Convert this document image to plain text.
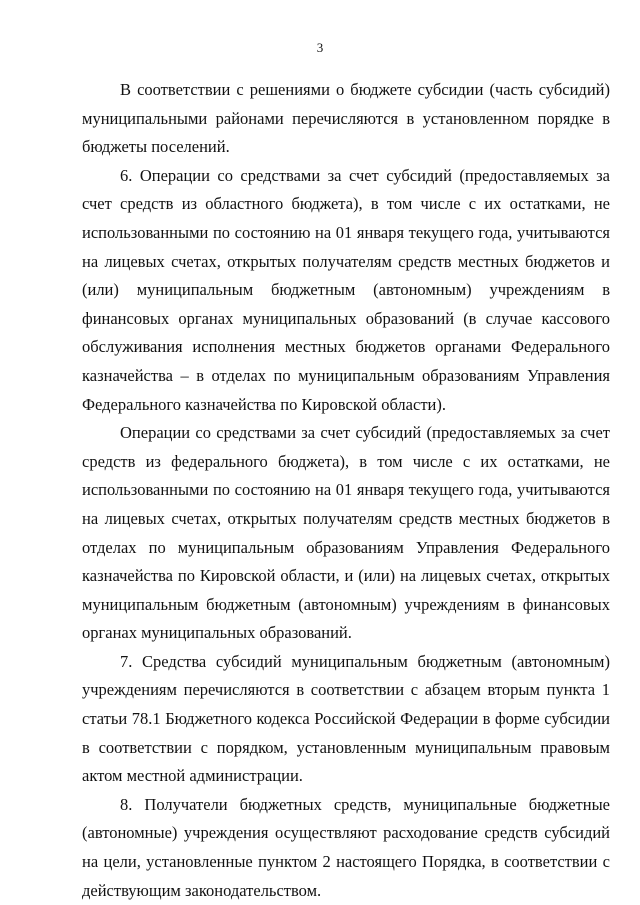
3

В соответствии с решениями о бюджете субсидии (часть субсидий) муниципальными районами перечисляются в установленном порядке в бюджеты поселений.

6. Операции со средствами за счет субсидий (предоставляемых за счет средств из областного бюджета), в том числе с их остатками, не использованными по состоянию на 01 января текущего года, учитываются на лицевых счетах, открытых получателям средств местных бюджетов и (или) муниципальным бюджетным (автономным) учреждениям в финансовых органах муниципальных образований (в случае кассового обслуживания исполнения местных бюджетов органами Федерального казначейства – в отделах по муниципальным образованиям Управления Федерального казначейства по Кировской области).

Операции со средствами за счет субсидий (предоставляемых за счет средств из федерального бюджета), в том числе с их остатками, не использованными по состоянию на 01 января текущего года, учитываются на лицевых счетах, открытых получателям средств местных бюджетов в отделах по муниципальным образованиям Управления Федерального казначейства по Кировской области, и (или) на лицевых счетах, открытых муниципальным бюджетным (автономным) учреждениям в финансовых органах муниципальных образований.

7. Средства субсидий муниципальным бюджетным (автономным) учреждениям перечисляются в соответствии с абзацем вторым пункта 1 статьи 78.1 Бюджетного кодекса Российской Федерации в форме субсидии в соответствии с порядком, установленным муниципальным правовым актом местной администрации.

8. Получатели бюджетных средств, муниципальные бюджетные (автономные) учреждения осуществляют расходование средств субсидий на цели, установленные пунктом 2 настоящего Порядка, в соответствии с действующим законодательством.
